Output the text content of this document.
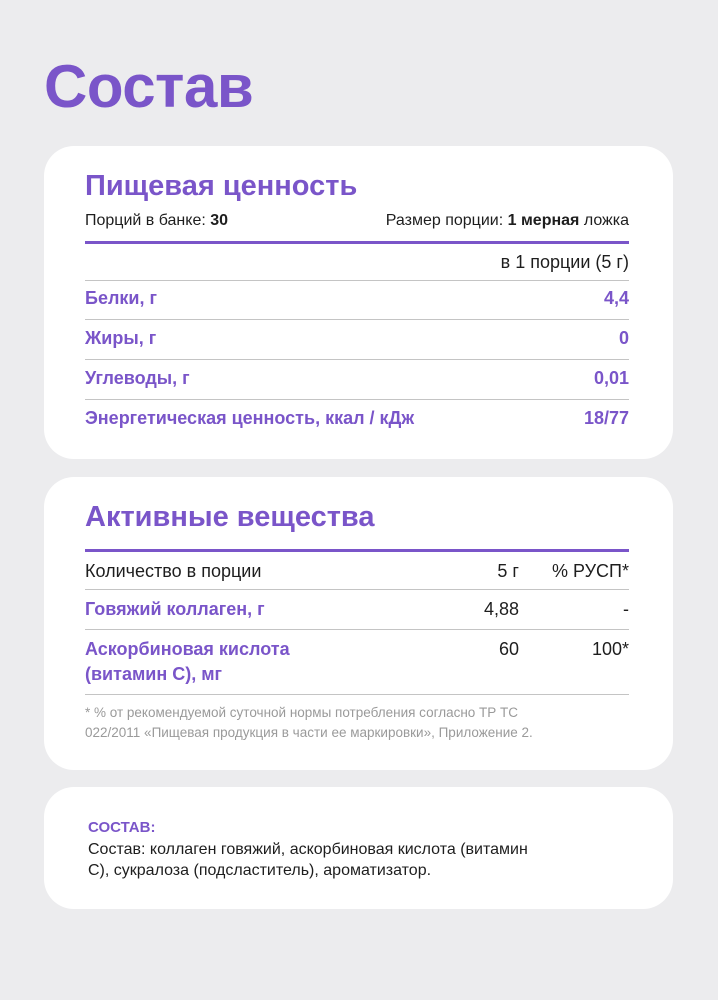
Состав
Пищевая ценность
Порций в банке: 30	Размер порции: 1 мерная ложка
в 1 порции (5 г)
Белки, г	4,4
Жиры, г	0
Углеводы, г	0,01
Энергетическая ценность, ккал / кДж	18/77
Активные вещества
Количество в порции	5 г	% РУСП*
Говяжий коллаген, г	4,88	-
Аскорбиновая кислота
(витамин С), мг
60	100*
* % от рекомендуемой суточной нормы потребления согласно ТР ТС
022/2011 «Пищевая продукция в части ее маркировки», Приложение 2.
СОСТАВ:
Состав: коллаген говяжий, аскорбиновая кислота (витамин
С), сукралоза (подсластитель), ароматизатор.
